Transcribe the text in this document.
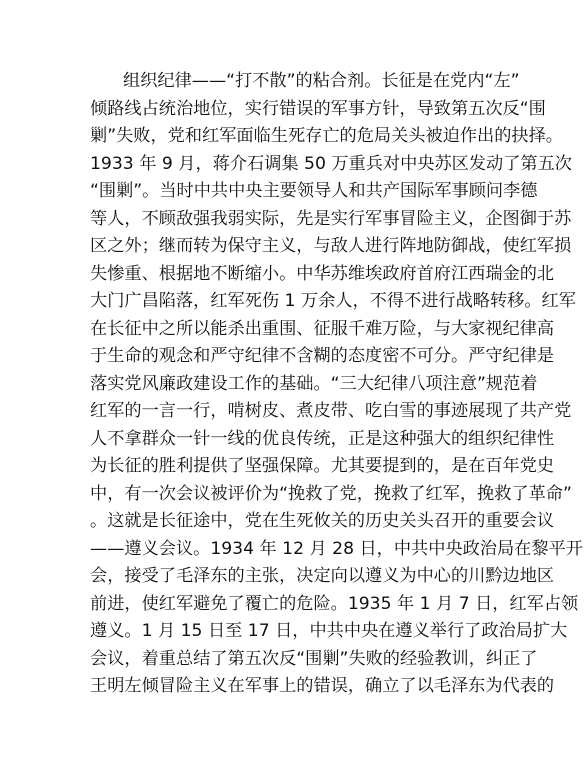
组织纪律——“打不散”的粘合剂。长征是在党内“左”
倾路线占统治地位，实行错误的军事方针，导致第五次反“围
剿”失败，党和红军面临生死存亡的危局关头被迫作出的抉择。
1933 年 9 月，蒋介石调集 50 万重兵对中央苏区发动了第五次
“围剿”。当时中共中央主要领导人和共产国际军事顾问李德
等人，不顾敌强我弱实际，先是实行军事冒险主义，企图御于苏
区之外；继而转为保守主义，与敌人进行阵地防御战，使红军损
失惨重、根据地不断缩小。中华苏维埃政府首府江西瑞金的北
大门广昌陷落，红军死伤 1 万余人，不得不进行战略转移。红军
在长征中之所以能杀出重围、征服千难万险，与大家视纪律高
于生命的观念和严守纪律不含糊的态度密不可分。严守纪律是
落实党风廉政建设工作的基础。“三大纪律八项注意”规范着
红军的一言一行，啃树皮、煮皮带、吃白雪的事迹展现了共产党
人不拿群众一针一线的优良传统，正是这种强大的组织纪律性
为长征的胜利提供了坚强保障。尤其要提到的，是在百年党史
中，有一次会议被评价为“挽救了党，挽救了红军，挽救了革命”
。这就是长征途中，党在生死攸关的历史关头召开的重要会议
——遵义会议。1934 年 12 月 28 日，中共中央政治局在黎平开
会，接受了毛泽东的主张，决定向以遵义为中心的川黔边地区
前进，使红军避免了覆亡的危险。1935 年 1 月 7 日，红军占领
遵义。1 月 15 日至 17 日，中共中央在遵义举行了政治局扩大
会议，着重总结了第五次反“围剿”失败的经验教训，纠正了
王明左倾冒险主义在军事上的错误，确立了以毛泽东为代表的
